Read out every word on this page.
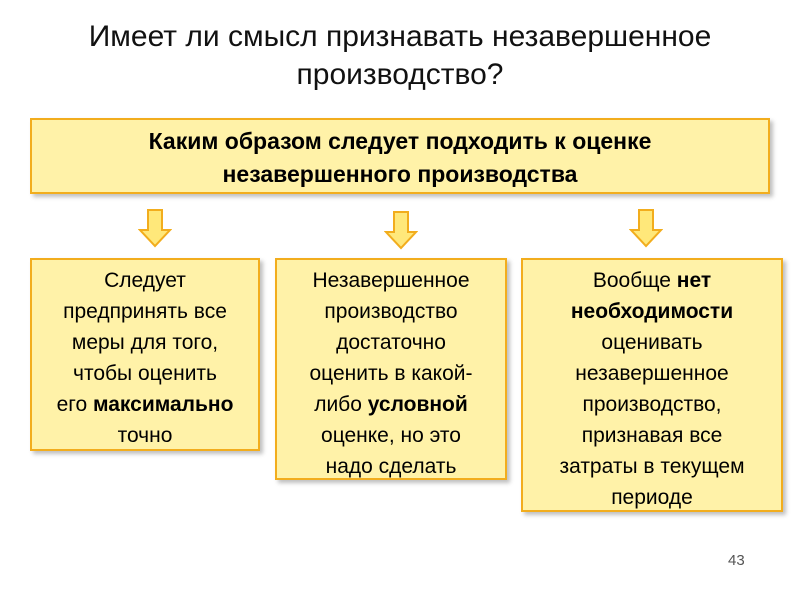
Имеет ли смысл признавать незавершенное
производство?
Каким образом следует подходить к оценке
незавершенного производства
Следует
предпринять все
меры для того,
чтобы оценить
его максимально
точно
Незавершенное
производство
достаточно
оценить в какой-
либо условной
оценке, но это
надо сделать
Вообще нет
необходимости
оценивать
незавершенное
производство,
признавая все
затраты в текущем
периоде
43
